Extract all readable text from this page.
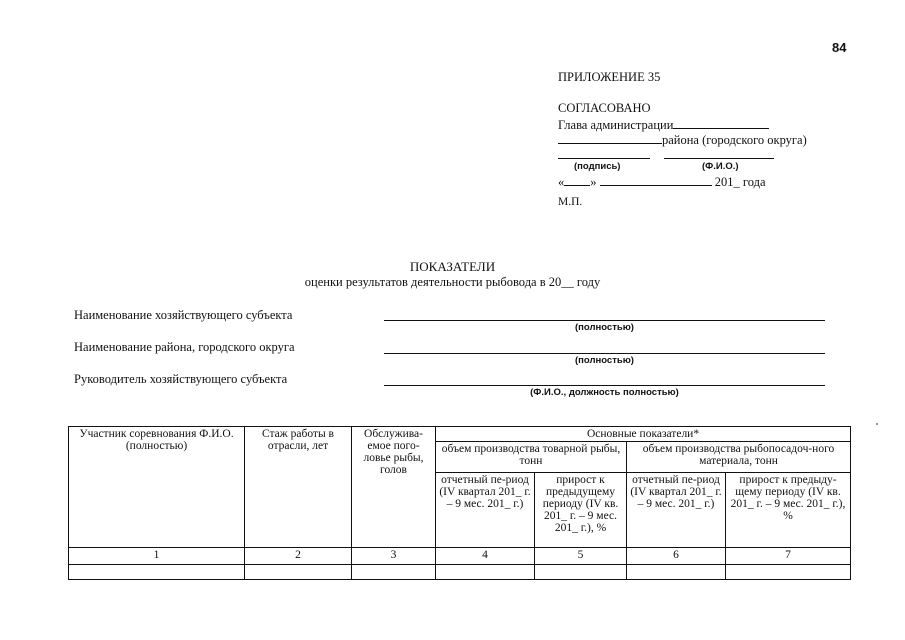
84
ПРИЛОЖЕНИЕ 35
СОГЛАСОВАНО
Глава администрации
района (городского округа)
(подпись)	(Ф.И.О.)
« »	201_ года
М.П.
ПОКАЗАТЕЛИ
оценки результатов деятельности рыбовода в 20__ году
Наименование хозяйствующего субъекта
(полностью)
Наименование района, городского округа
(полностью)
Руководитель хозяйствующего субъекта
(Ф.И.О., должность полностью)
Участник соревнования Ф.И.О. (полностью)	Стаж работы в отрасли, лет	Обслужива-емое пого-ловье рыбы, голов	Основные показатели*			
			объем производства товарной рыбы, тонн		объем производства рыбопосадоч-ного материала, тонн	
			отчетный пе-риод (IV квартал 201_ г. – 9 мес. 201_ г.)	прирост к предыдущему периоду (IV кв. 201_ г. – 9 мес. 201_ г.), %	отчетный пе-риод (IV квартал 201_ г. – 9 мес. 201_ г.)	прирост к предыду-щему периоду (IV кв. 201_ г. – 9 мес. 201_ г.), %
1	2	3	4	5	6	7
